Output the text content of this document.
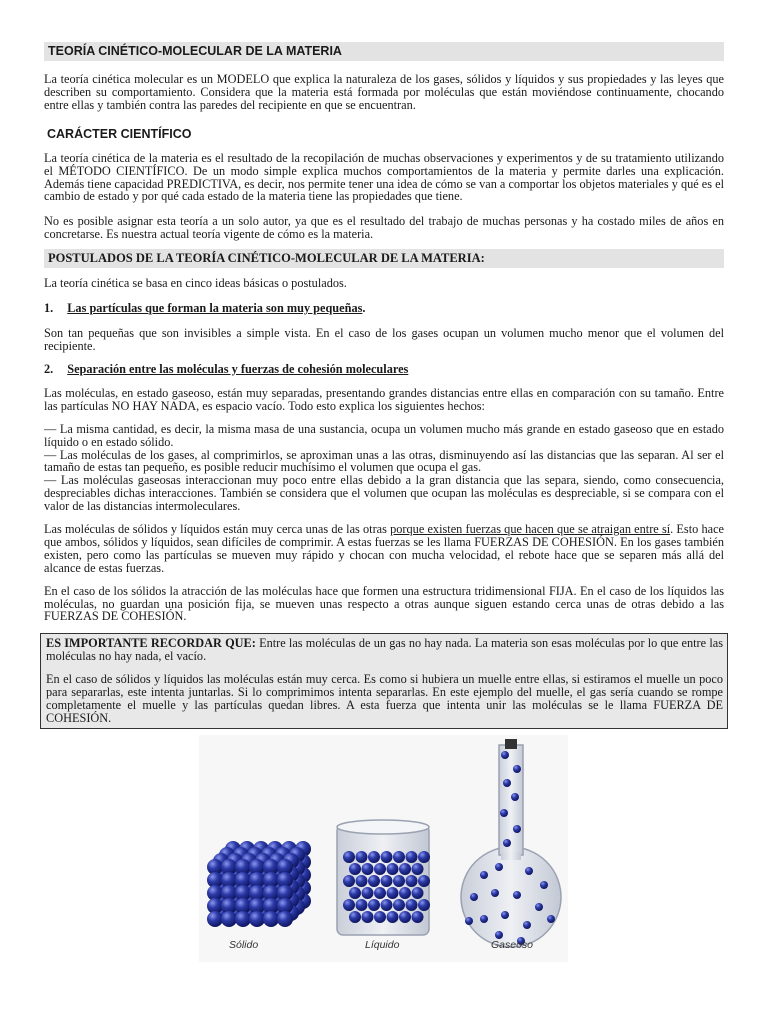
TEORÍA CINÉTICO-MOLECULAR DE LA MATERIA

La teoría cinética molecular es un MODELO que explica la naturaleza de los gases, sólidos y líquidos y sus propiedades y las leyes que describen su comportamiento. Considera que la materia está formada por moléculas que están moviéndose continuamente, chocando entre ellas y también contra las paredes del recipiente en que se encuentran.

CARÁCTER CIENTÍFICO

La teoría cinética de la materia es el resultado de la recopilación de muchas observaciones y experimentos y de su tratamiento utilizando el MÉTODO CIENTÍFICO. De un modo simple explica muchos comportamientos de la materia y permite darles una explicación. Además tiene capacidad PREDICTIVA, es decir, nos permite tener una idea de cómo se van a comportar los objetos materiales y qué es el cambio de estado y por qué cada estado de la materia tiene las propiedades que tiene.

No es posible asignar esta teoría a un solo autor, ya que es el resultado del trabajo de muchas personas y ha costado miles de años en concretarse. Es nuestra actual teoría vigente de cómo es la materia.

POSTULADOS DE LA TEORÍA CINÉTICO-MOLECULAR DE LA MATERIA:

La teoría cinética se basa en cinco ideas básicas o postulados.

1. Las partículas que forman la materia son muy pequeñas.

Son tan pequeñas que son invisibles a simple vista. En el caso de los gases ocupan un volumen mucho menor que el volumen del recipiente.

2. Separación entre las moléculas y fuerzas de cohesión moleculares

Las moléculas, en estado gaseoso, están muy separadas, presentando grandes distancias entre ellas en comparación con su tamaño. Entre las partículas NO HAY NADA, es espacio vacío. Todo esto explica los siguientes hechos:

— La misma cantidad, es decir, la misma masa de una sustancia, ocupa un volumen mucho más grande en estado gaseoso que en estado líquido o en estado sólido.

— Las moléculas de los gases, al comprimirlos, se aproximan unas a las otras, disminuyendo así las distancias que las separan. Al ser el tamaño de estas tan pequeño, es posible reducir muchísimo el volumen que ocupa el gas.

— Las moléculas gaseosas interaccionan muy poco entre ellas debido a la gran distancia que las separa, siendo, como consecuencia, despreciables dichas interacciones. También se considera que el volumen que ocupan las moléculas es despreciable, si se compara con el valor de las distancias intermoleculares.

Las moléculas de sólidos y líquidos están muy cerca unas de las otras porque existen fuerzas que hacen que se atraigan entre sí. Esto hace que ambos, sólidos y líquidos, sean difíciles de comprimir. A estas fuerzas se les llama FUERZAS DE COHESIÓN. En los gases también existen, pero como las partículas se mueven muy rápido y chocan con mucha velocidad, el rebote hace que se separen más allá del alcance de estas fuerzas.

En el caso de los sólidos la atracción de las moléculas hace que formen una estructura tridimensional FIJA. En el caso de los líquidos las moléculas, no guardan una posición fija, se mueven unas respecto a otras aunque siguen estando cerca unas de otras debido a las FUERZAS DE COHESIÓN.

ES IMPORTANTE RECORDAR QUE: Entre las moléculas de un gas no hay nada. La materia son esas moléculas por lo que entre las moléculas no hay nada, el vacío.

En el caso de sólidos y líquidos las moléculas están muy cerca. Es como si hubiera un muelle entre ellas, si estiramos el muelle un poco para separarlas, este intenta juntarlas. Si lo comprimimos intenta separarlas. En este ejemplo del muelle, el gas sería cuando se rompe completamente el muelle y las partículas quedan libres. A esta fuerza que intenta unir las moléculas se le llama FUERZA DE COHESIÓN.

Sólido	Líquido	Gaseoso
